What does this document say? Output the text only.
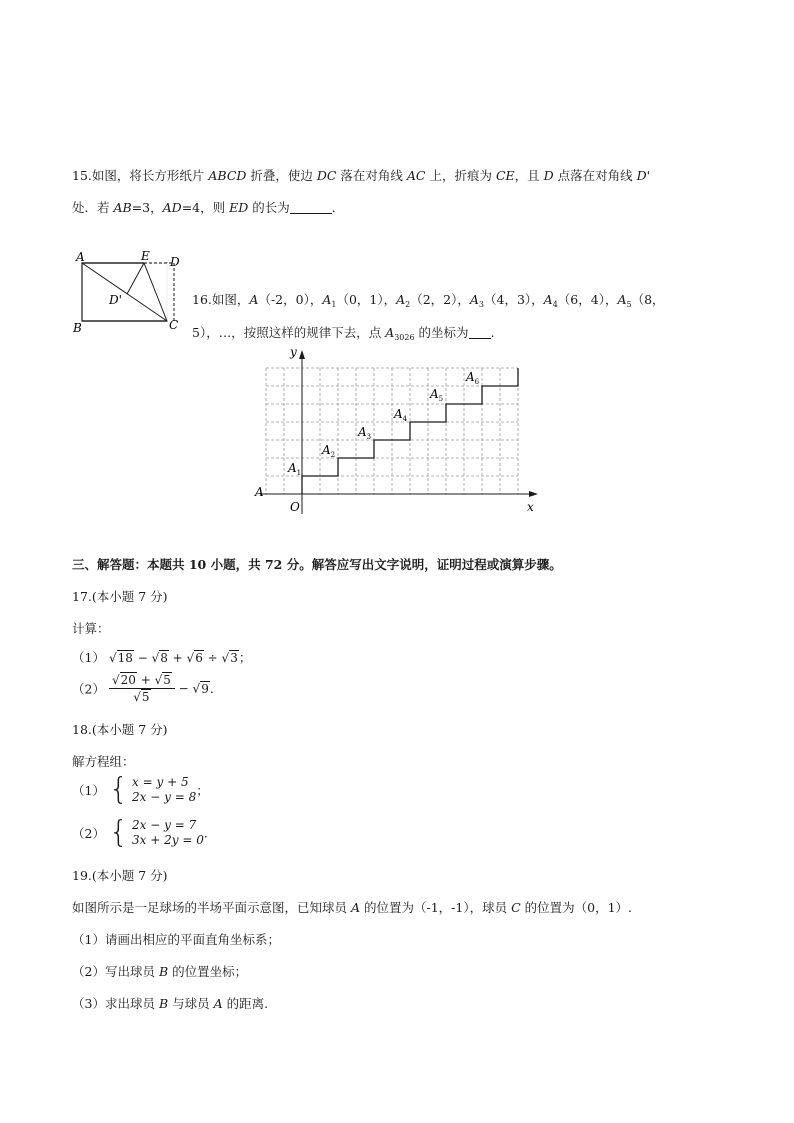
15.如图，将长方形纸片 ABCD 折叠，使边 DC 落在对角线 AC 上，折痕为 CE，且 D 点落在对角线 D'
处．若 AB=3，AD=4，则 ED 的长为	．
A	E D
D'
B	C
16.如图，A（-2，0），$A_1(0$，1），$A_2(2$，2），$A_3(4$，3），$A_4(6$，4），$A_5(8$，
5），…，按照这样的规律下去，点 $A_{3026}$ 的坐标为 .
y
x
O
A
$A_1$
$A_2$
$A_3$
$A_4$
$A_5$
$A_6$
三、解答题：本题共 10 小题，共 72 分。解答应写出文字说明，证明过程或演算步骤。
17.(本小题 7 分)
计算：
（1） √18 − √8 + √6 ÷ √3；
$(2) \frac{√20 + √5}{√5} - √9$.
18.(本小题 7 分)
解方程组：
（1） { x = y + 5
2x − y = 8 ；
（2） { 2x − y = 7
3x + 2y = 0 .
19.(本小题 7 分)
如图所示是一足球场的半场平面示意图，已知球员 A 的位置为（-1，-1），球员 C 的位置为（0，1）.
（1）请画出相应的平面直角坐标系；
（2）写出球员 B 的位置坐标；
（3）求出球员 B 与球员 A 的距离.
